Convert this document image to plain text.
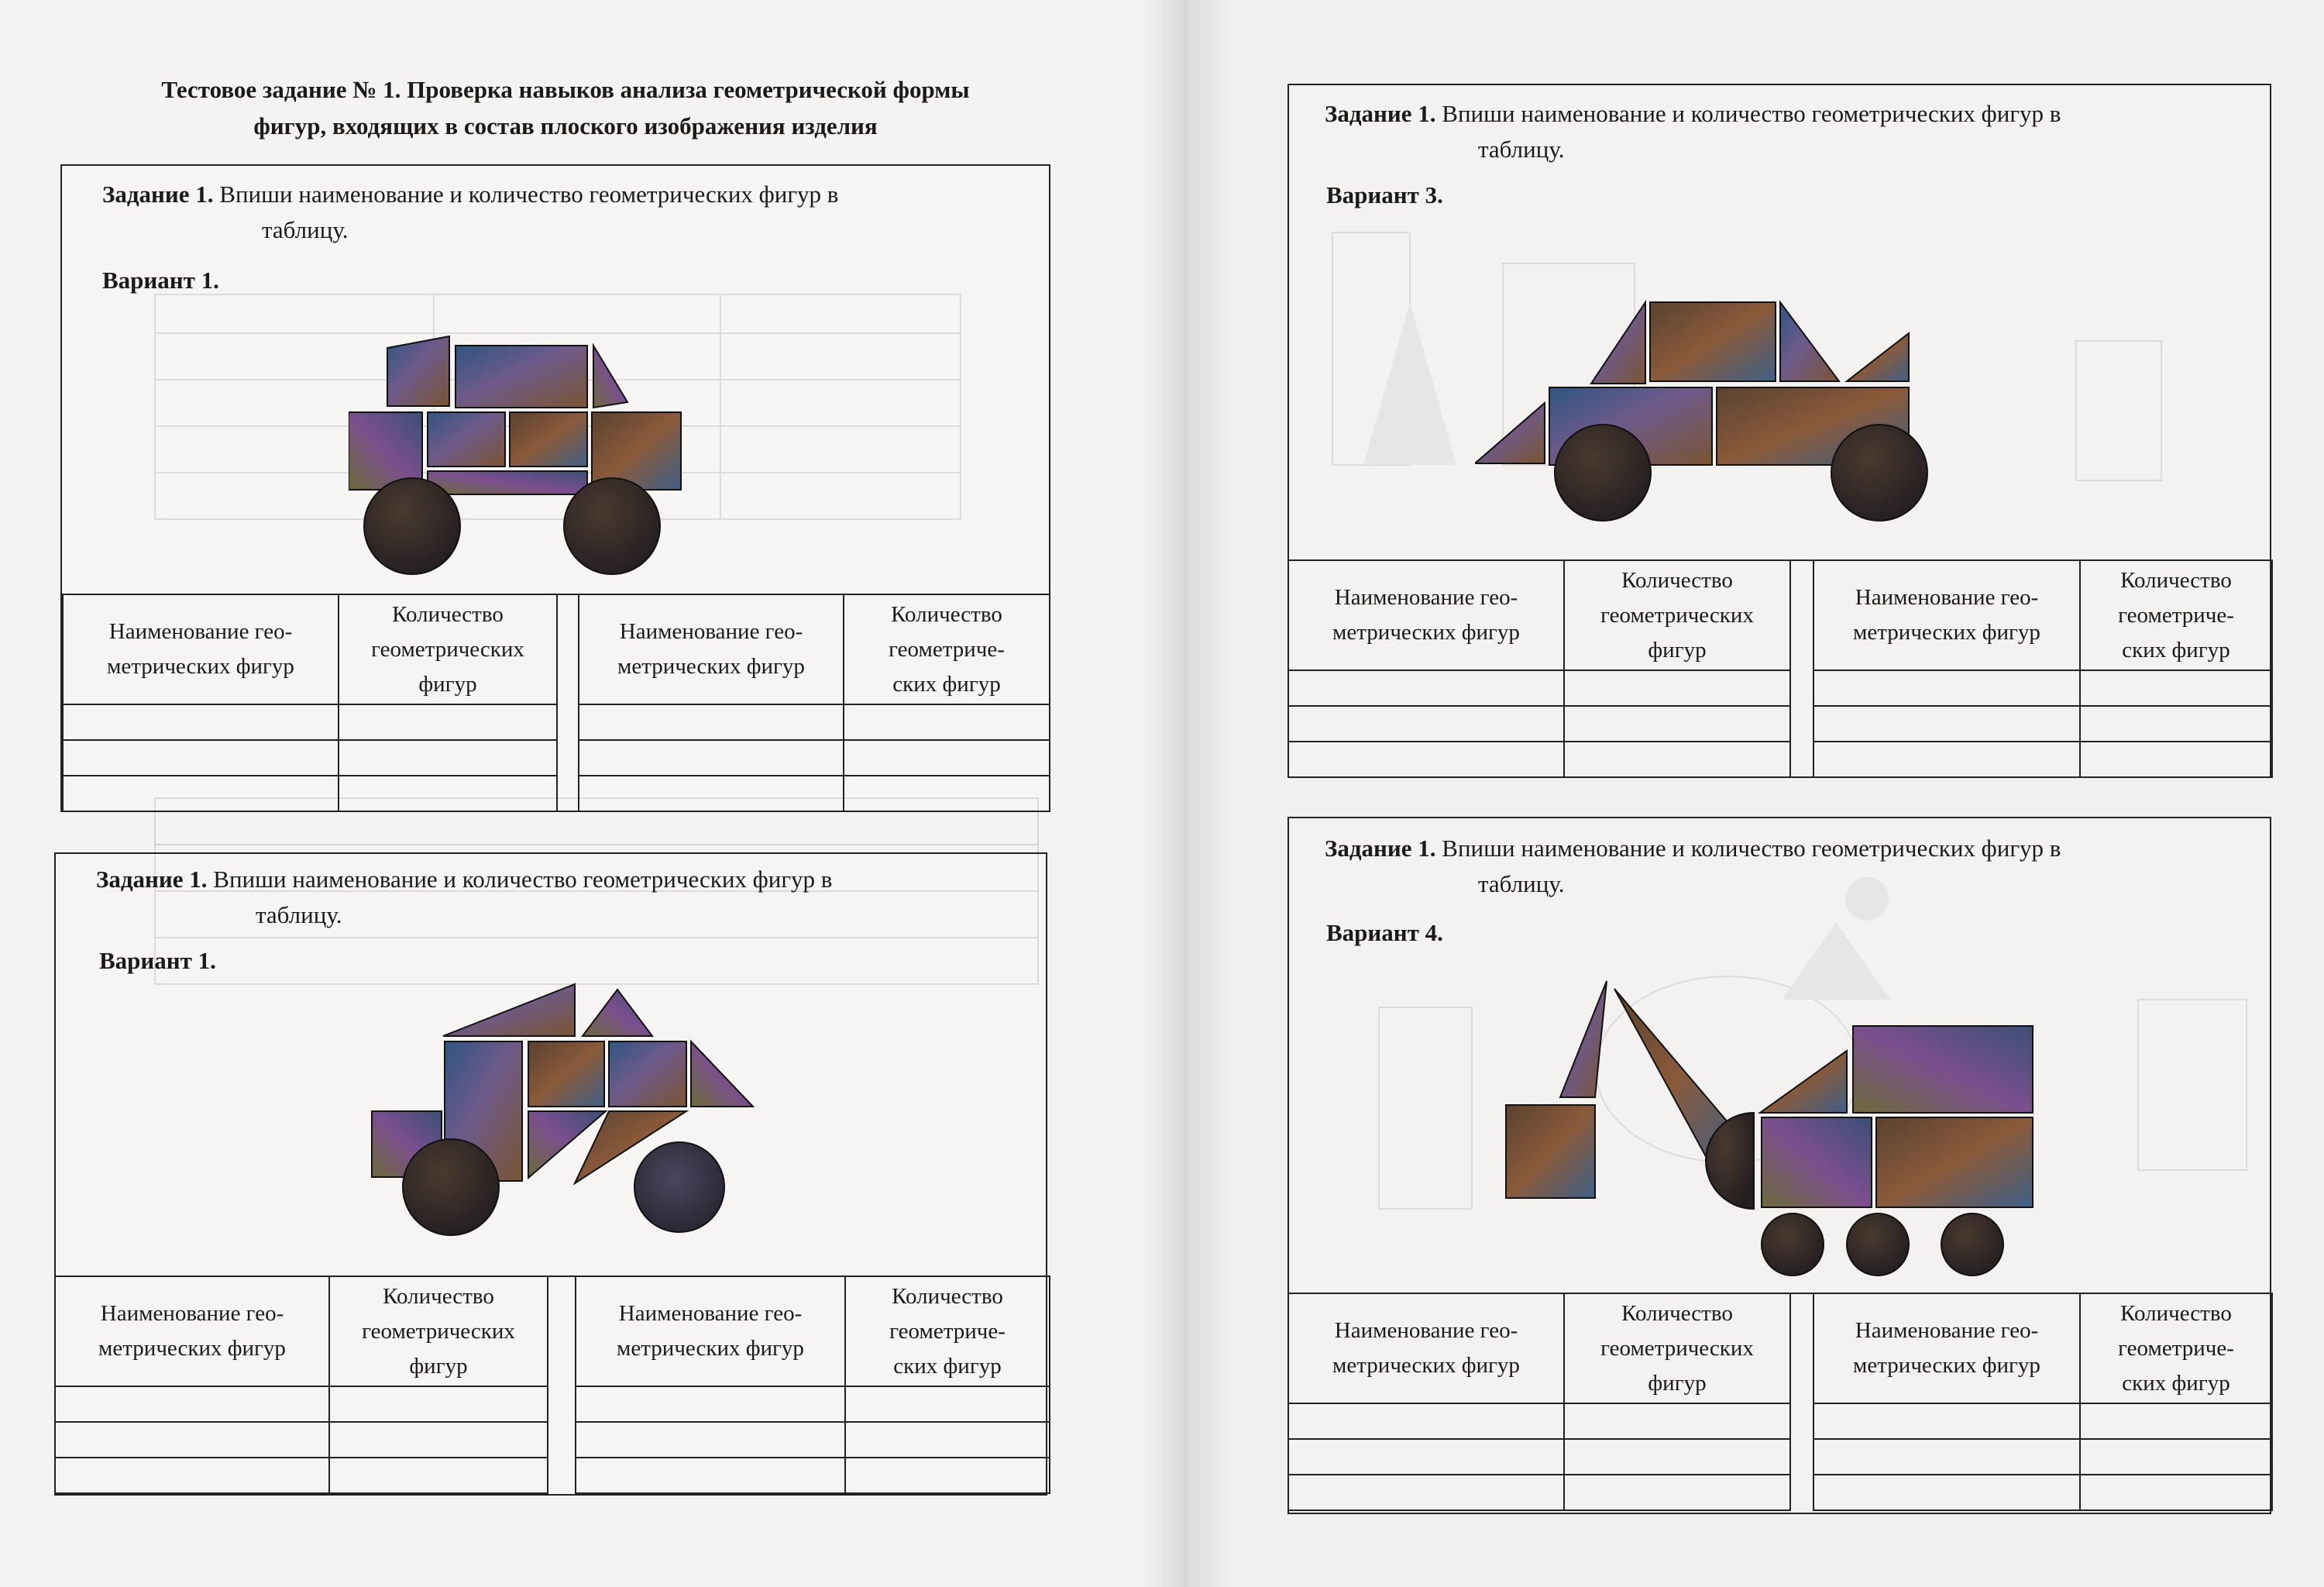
Тестовое задание № 1. Проверка навыков анализа геометрической формы
фигур, входящих в состав плоского изображения изделия
Задание 1. Впиши наименование и количество геометрических фигур в
таблицу.
Вариант 1.
Наименование гео-
метрических фигур	Количество
геометрических
фигур		Наименование гео-
метрических фигур	Количество
геометриче-
ских фигур

Задание 1. Впиши наименование и количество геометрических фигур в
таблицу.
Вариант 1.
Наименование гео-
метрических фигур	Количество
геометрических
фигур		Наименование гео-
метрических фигур	Количество
геометриче-
ских фигур

Задание 1. Впиши наименование и количество геометрических фигур в
таблицу.
Вариант 3.
Наименование гео-
метрических фигур	Количество
геометрических
фигур		Наименование гео-
метрических фигур	Количество
геометриче-
ских фигур

Задание 1. Впиши наименование и количество геометрических фигур в
таблицу.
Вариант 4.
Наименование гео-
метрических фигур	Количество
геометрических
фигур		Наименование гео-
метрических фигур	Количество
геометриче-
ских фигур
